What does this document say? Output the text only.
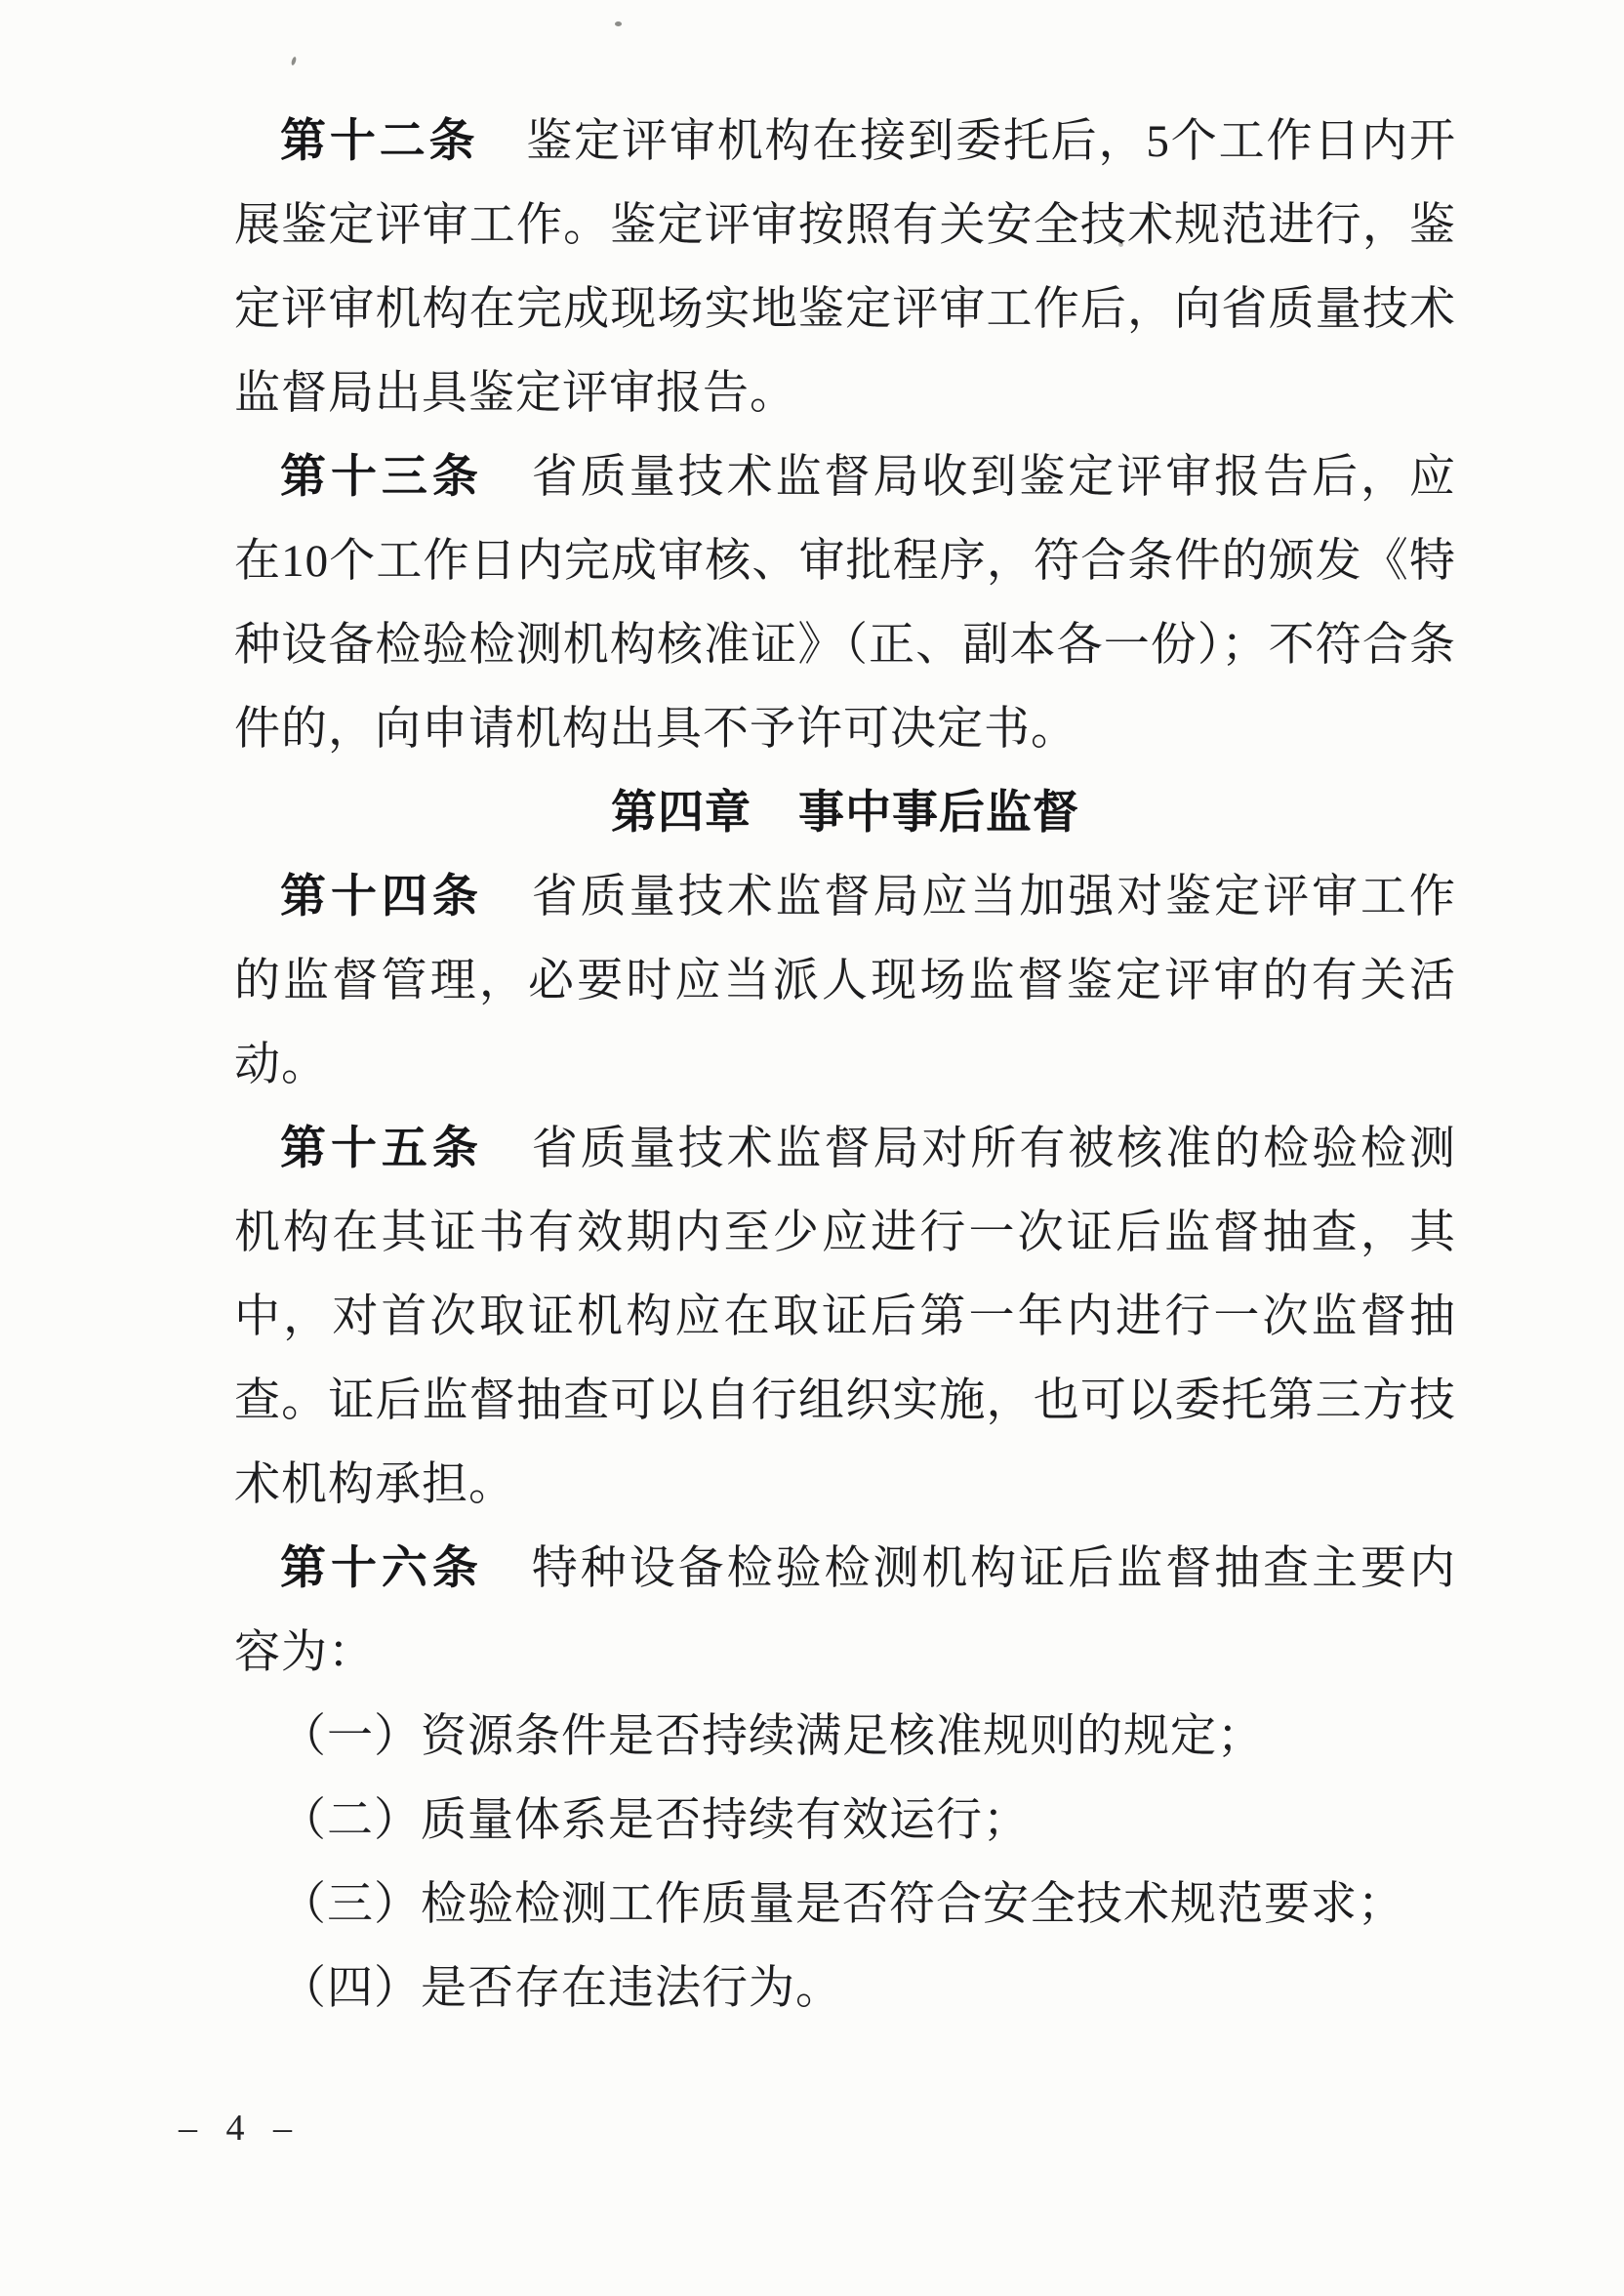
第十二条　鉴定评审机构在接到委托后，5个工作日内开展鉴定评审工作。鉴定评审按照有关安全技术规范进行，鉴定评审机构在完成现场实地鉴定评审工作后，向省质量技术监督局出具鉴定评审报告。

第十三条　省质量技术监督局收到鉴定评审报告后，应在10个工作日内完成审核、审批程序，符合条件的颁发《特种设备检验检测机构核准证》（正、副本各一份）；不符合条件的，向申请机构出具不予许可决定书。

第四章　事中事后监督

第十四条　省质量技术监督局应当加强对鉴定评审工作的监督管理，必要时应当派人现场监督鉴定评审的有关活动。

第十五条　省质量技术监督局对所有被核准的检验检测机构在其证书有效期内至少应进行一次证后监督抽查，其中，对首次取证机构应在取证后第一年内进行一次监督抽查。证后监督抽查可以自行组织实施，也可以委托第三方技术机构承担。

第十六条　特种设备检验检测机构证后监督抽查主要内容为：

（一）资源条件是否持续满足核准规则的规定；

（二）质量体系是否持续有效运行；

（三）检验检测工作质量是否符合安全技术规范要求；

（四）是否存在违法行为。

– 4 –
